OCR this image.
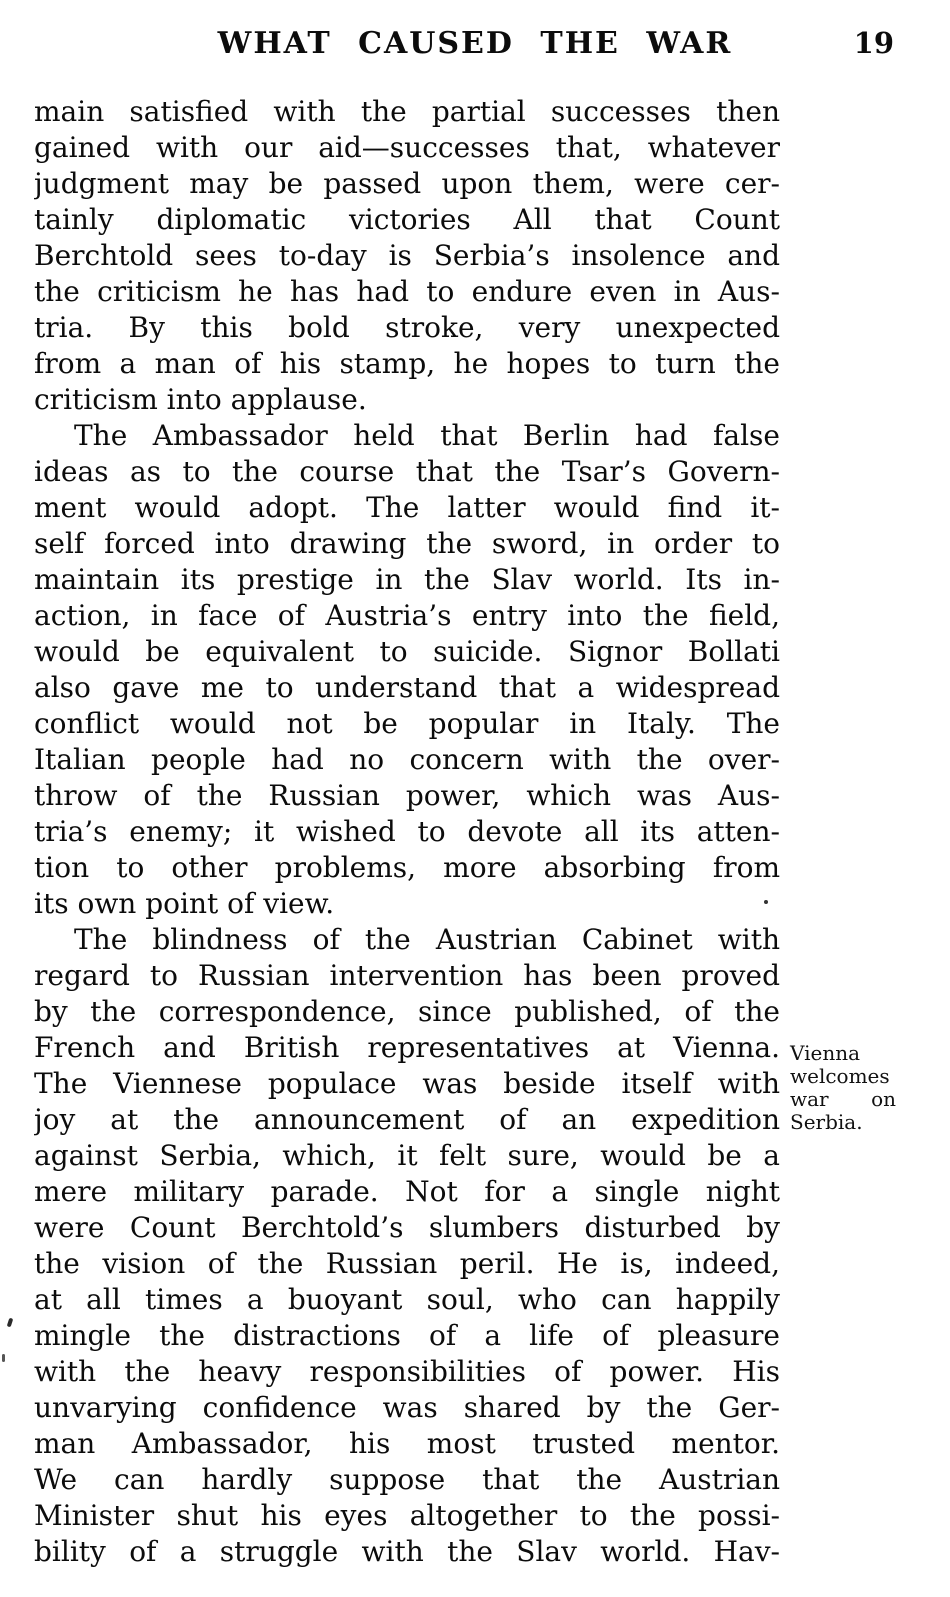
WHAT CAUSED THE WAR	19
main satisfied with the partial successes then
gained with our aid—successes that, whatever
judgment may be passed upon them, were cer-
tainly diplomatic victories All that Count
Berchtold sees to-day is Serbia’s insolence and
the criticism he has had to endure even in Aus-
tria. By this bold stroke, very unexpected
from a man of his stamp, he hopes to turn the
criticism into applause.
The Ambassador held that Berlin had false
ideas as to the course that the Tsar’s Govern-
ment would adopt. The latter would find it-
self forced into drawing the sword, in order to
maintain its prestige in the Slav world. Its in-
action, in face of Austria’s entry into the field,
would be equivalent to suicide. Signor Bollati
also gave me to understand that a widespread
conflict would not be popular in Italy. The
Italian people had no concern with the over-
throw of the Russian power, which was Aus-
tria’s enemy; it wished to devote all its atten-
tion to other problems, more absorbing from
its own point of view.
The blindness of the Austrian Cabinet with
regard to Russian intervention has been proved
by the correspondence, since published, of the
French and British representatives at Vienna.
The Viennese populace was beside itself with
joy at the announcement of an expedition
against Serbia, which, it felt sure, would be a
mere military parade. Not for a single night
were Count Berchtold’s slumbers disturbed by
the vision of the Russian peril. He is, indeed,
at all times a buoyant soul, who can happily
mingle the distractions of a life of pleasure
with the heavy responsibilities of power. His
unvarying confidence was shared by the Ger-
man Ambassador, his most trusted mentor.
We can hardly suppose that the Austrian
Minister shut his eyes altogether to the possi-
bility of a struggle with the Slav world. Hav-
Vienna
welcomes
war on
Serbia.
